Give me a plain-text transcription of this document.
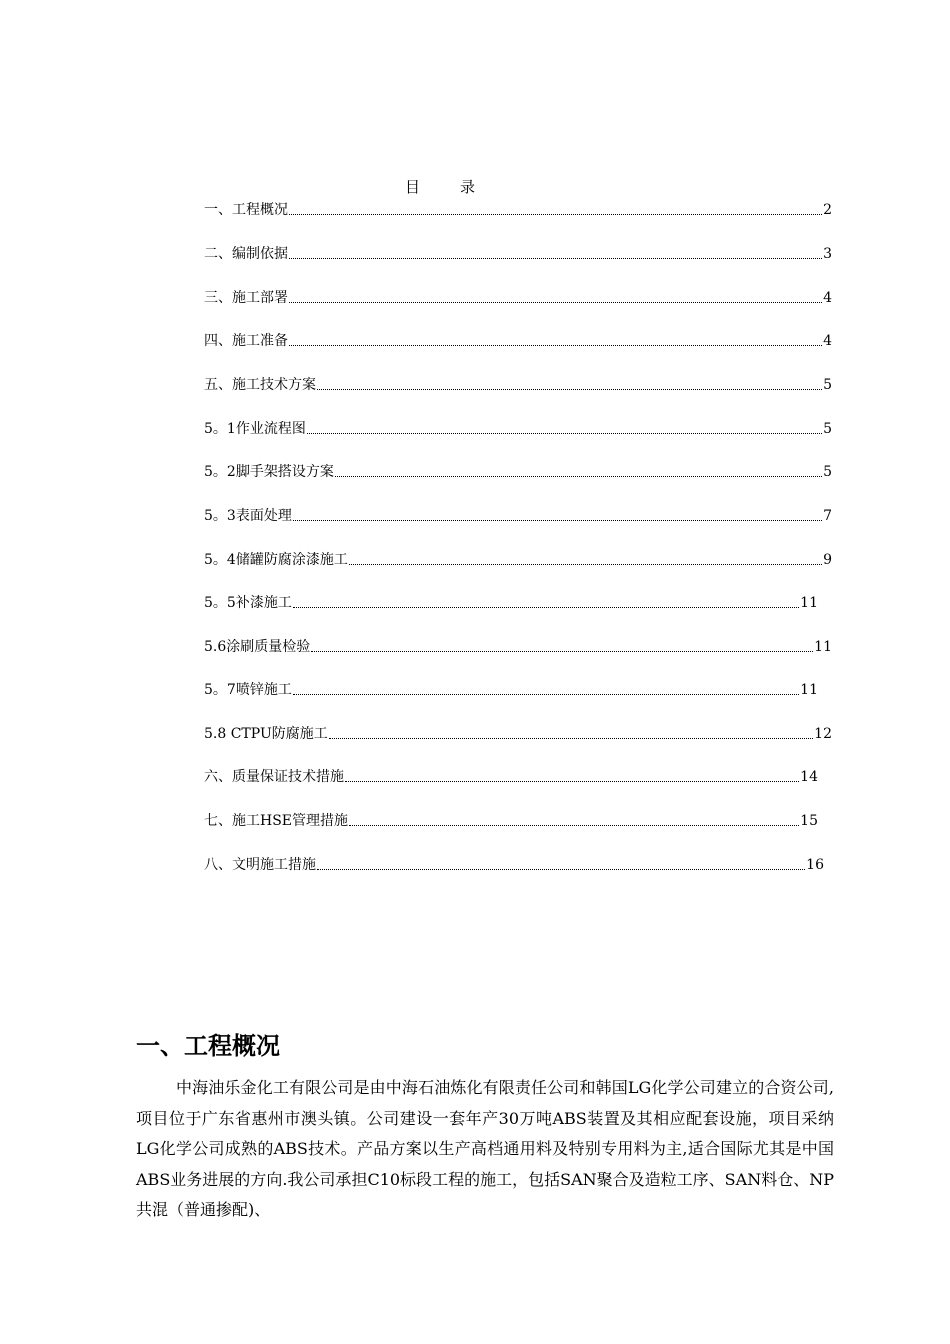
目	录
一、工程概况	2
二、编制依据	3
三、施工部署	4
四、施工准备	4
五、施工技术方案	5
5。1作业流程图	5
5。2脚手架搭设方案	5
5。3表面处理	7
5。4储罐防腐涂漆施工	9
5。5补漆施工	11
5.6涂刷质量检验	11
5。7喷锌施工	11
5.8 CTPU防腐施工	12
六、质量保证技术措施	14
七、施工HSE管理措施	15
八、文明施工措施	16
一、工程概况

中海油乐金化工有限公司是由中海石油炼化有限责任公司和韩国LG化学公司建立的合资公司,项目位于广东省惠州市澳头镇。公司建设一套年产30万吨ABS装置及其相应配套设施，项目采纳LG化学公司成熟的ABS技术。产品方案以生产高档通用料及特别专用料为主,适合国际尤其是中国ABS业务进展的方向.我公司承担C10标段工程的施工，包括SAN聚合及造粒工序、SAN料仓、NP共混（普通掺配)、
